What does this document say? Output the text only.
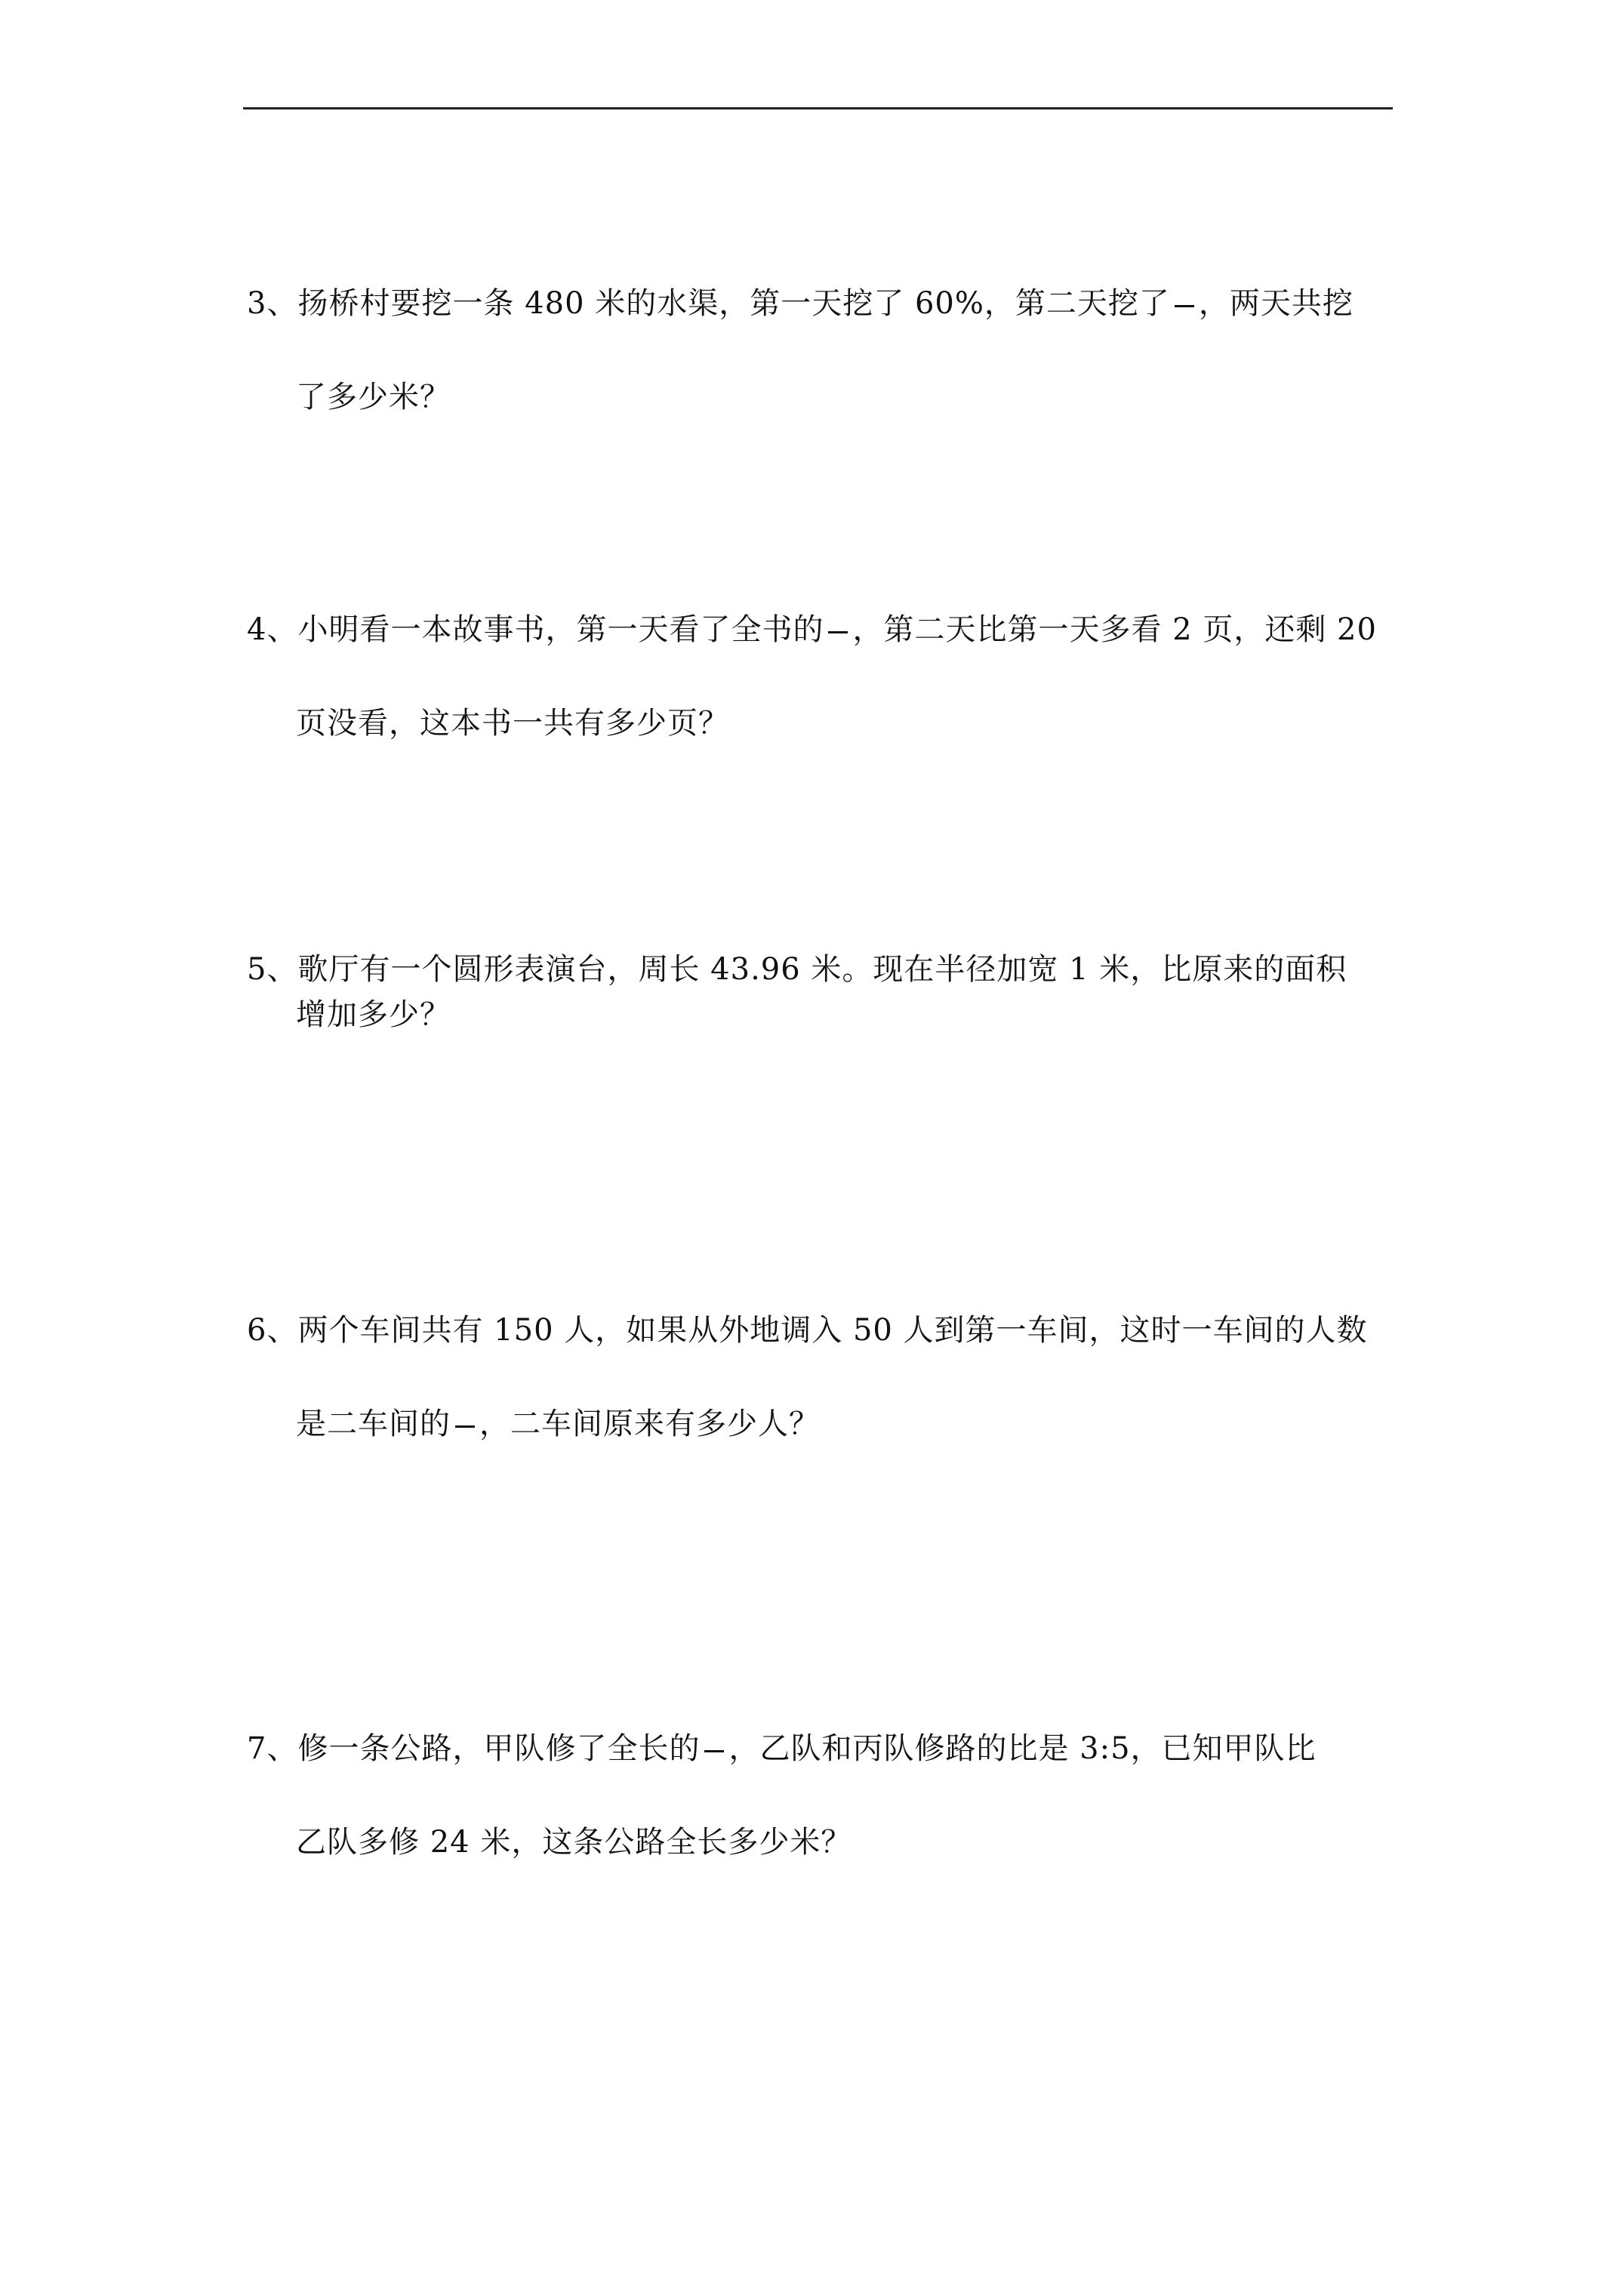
3、扬桥村要挖一条 480 米的水渠，第一天挖了 60%，第二天挖了 ，两天共挖
了多少米？
4、小明看一本故事书，第一天看了全书的 ，第二天比第一天多看 2 页，还剩 20
页没看，这本书一共有多少页？
5、歌厅有一个圆形表演台，周长 43.96 米。现在半径加宽 1 米，比原来的面积
增加多少？
6、两个车间共有 150 人，如果从外地调入 50 人到第一车间，这时一车间的人数
是二车间的 ，二车间原来有多少人？
7、修一条公路，甲队修了全长的 ，乙队和丙队修路的比是 3:5，已知甲队比
乙队多修 24 米，这条公路全长多少米？
